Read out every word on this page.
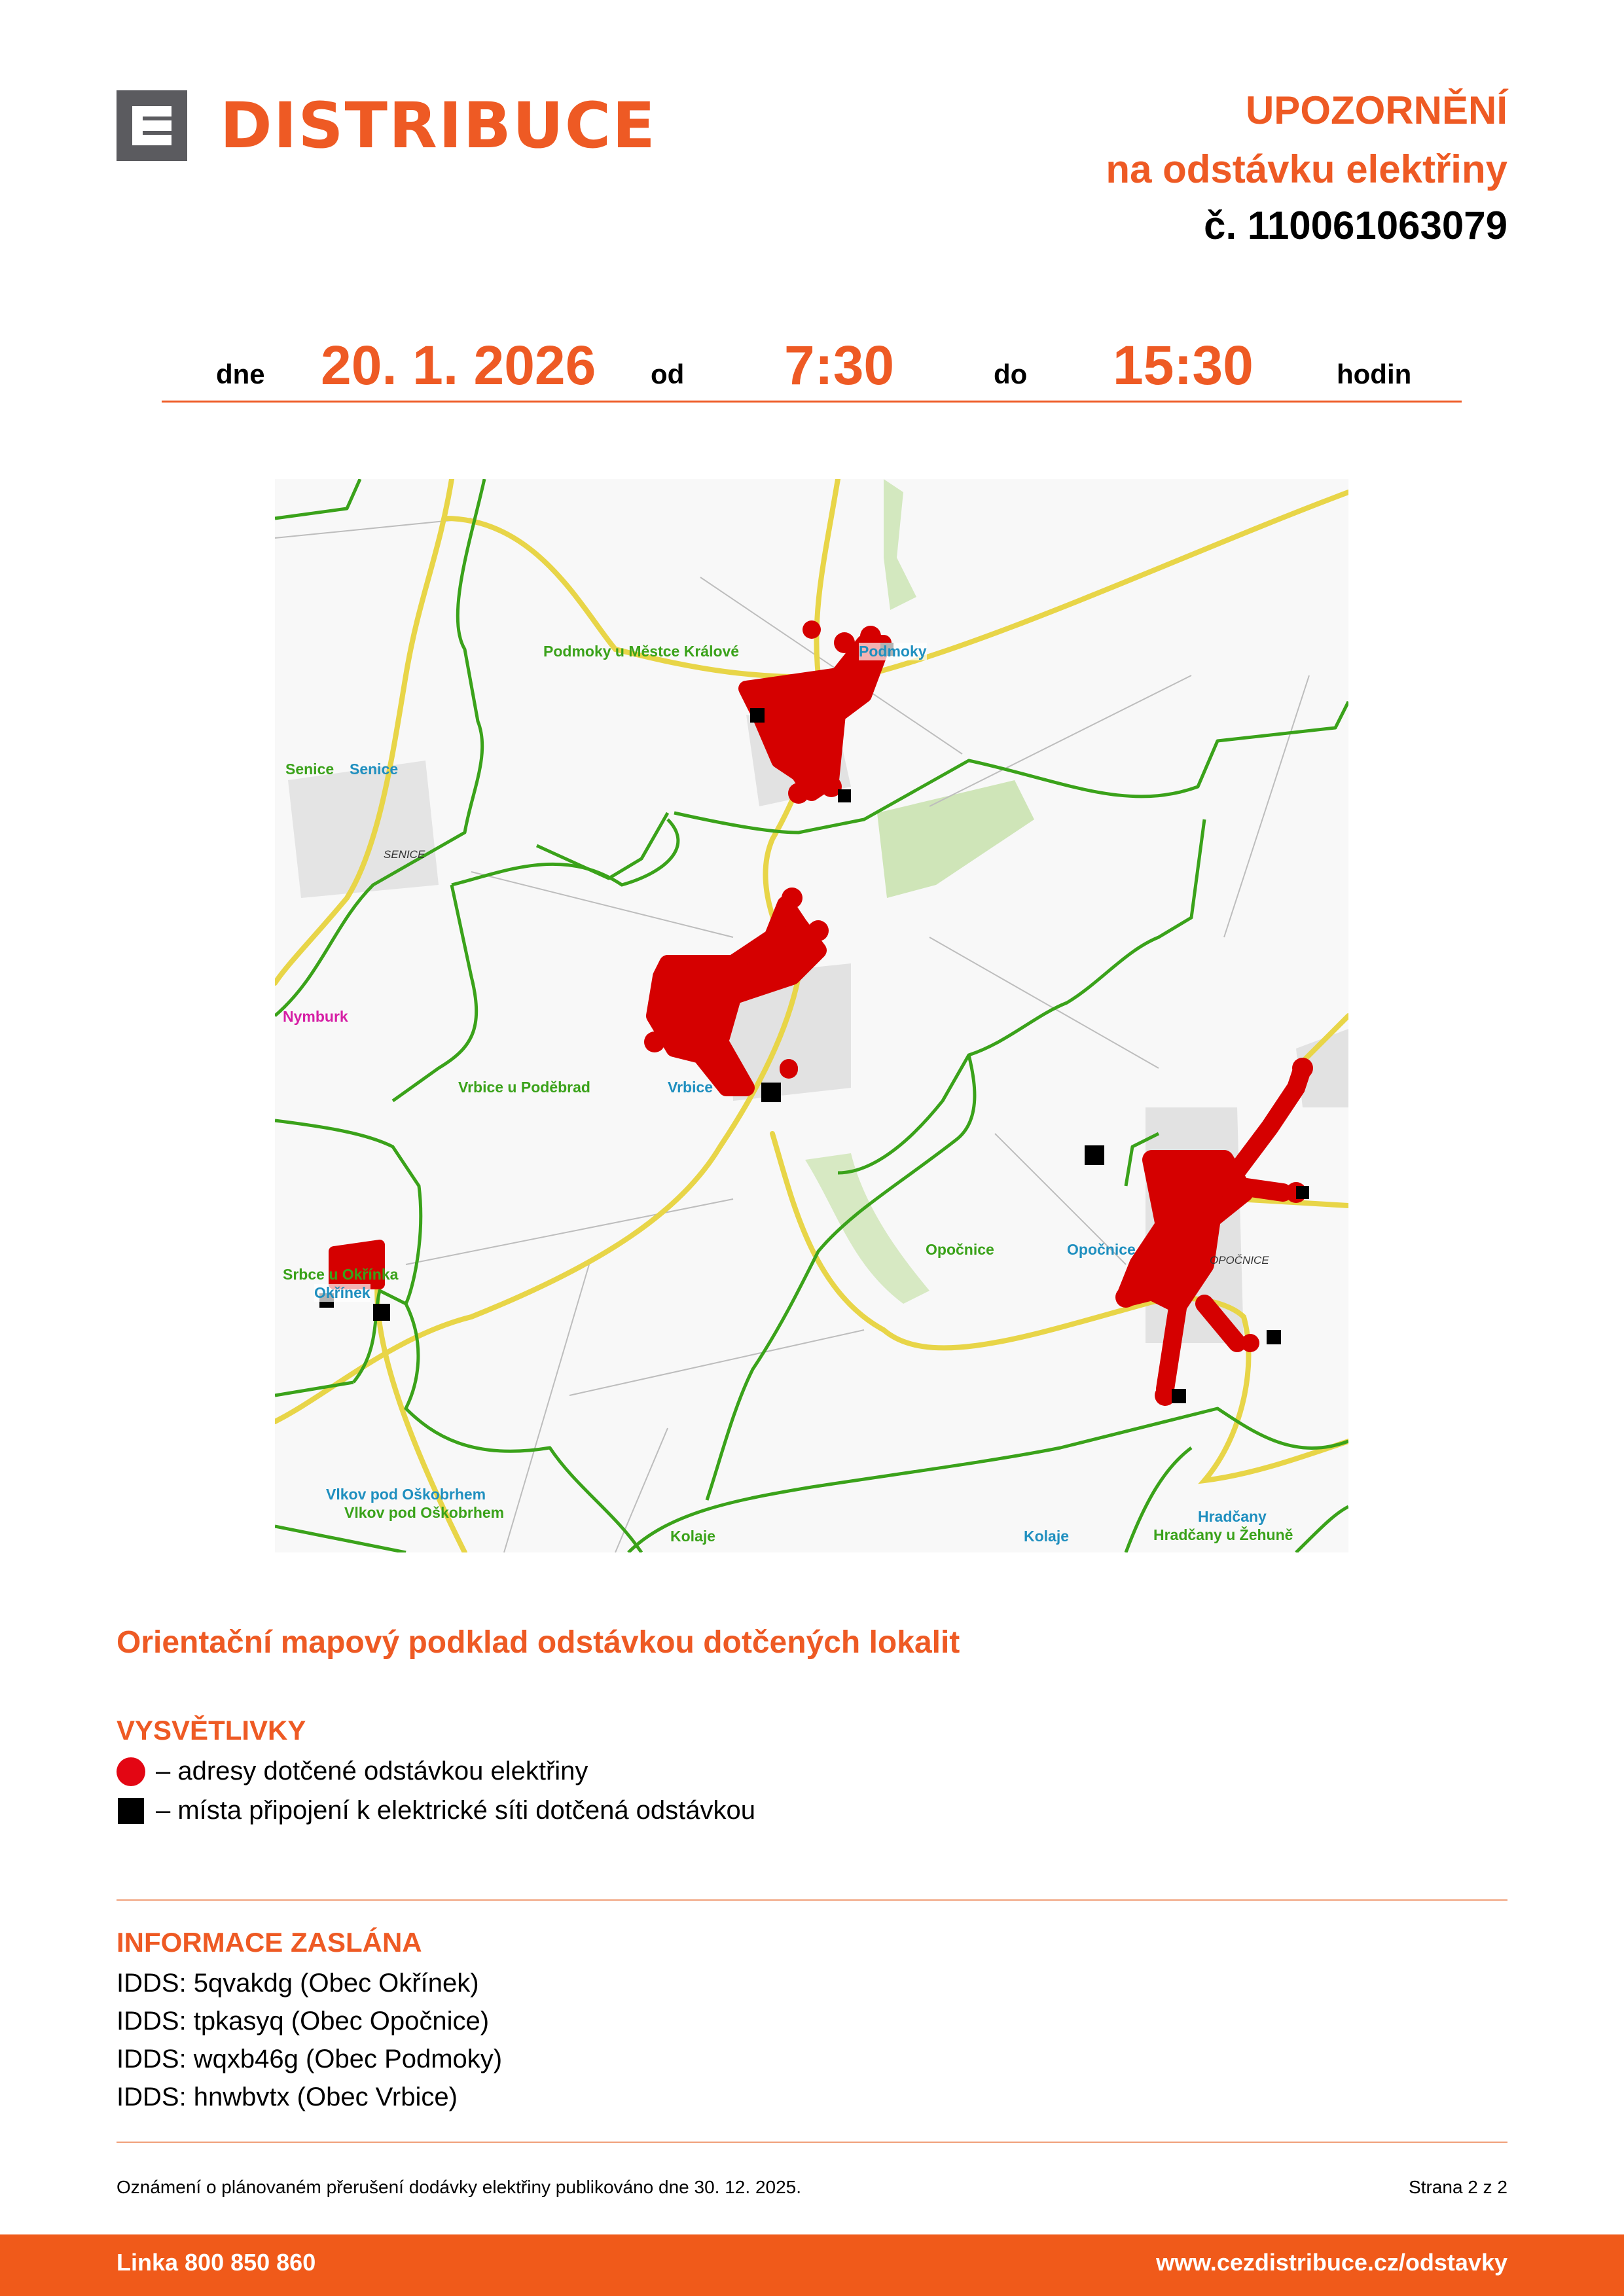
DISTRIBUCE	UPOZORNĚNÍ
na odstávku elektřiny
č. 110061063079
dne 20. 1. 2026 od 7:30	do 15:30	hodin
Podmoky u Městce Králové	Podmoky
Senice Senice
SENICE
Nymburk
Vrbice u Poděbrad	Vrbice
Opočnice	Opočnice
OPOČNICE
Srbce u Okřínka
Okřínek
Vlkov pod Oškobrhem
Vlkov pod Oškobrhem
Kolaje	Kolaje
Hradčany
Hradčany u Žehuně
Orientační mapový podklad odstávkou dotčených lokalit
VYSVĚTLIVKY
– adresy dotčené odstávkou elektřiny
– místa připojení k elektrické síti dotčená odstávkou
INFORMACE ZASLÁNA
IDDS: 5qvakdg (Obec Okřínek)
IDDS: tpkasyq (Obec Opočnice)
IDDS: wqxb46g (Obec Podmoky)
IDDS: hnwbvtx (Obec Vrbice)
Oznámení o plánovaném přerušení dodávky elektřiny publikováno dne 30. 12. 2025.	Strana 2 z 2
Linka 800 850 860	www.cezdistribuce.cz/odstavky
